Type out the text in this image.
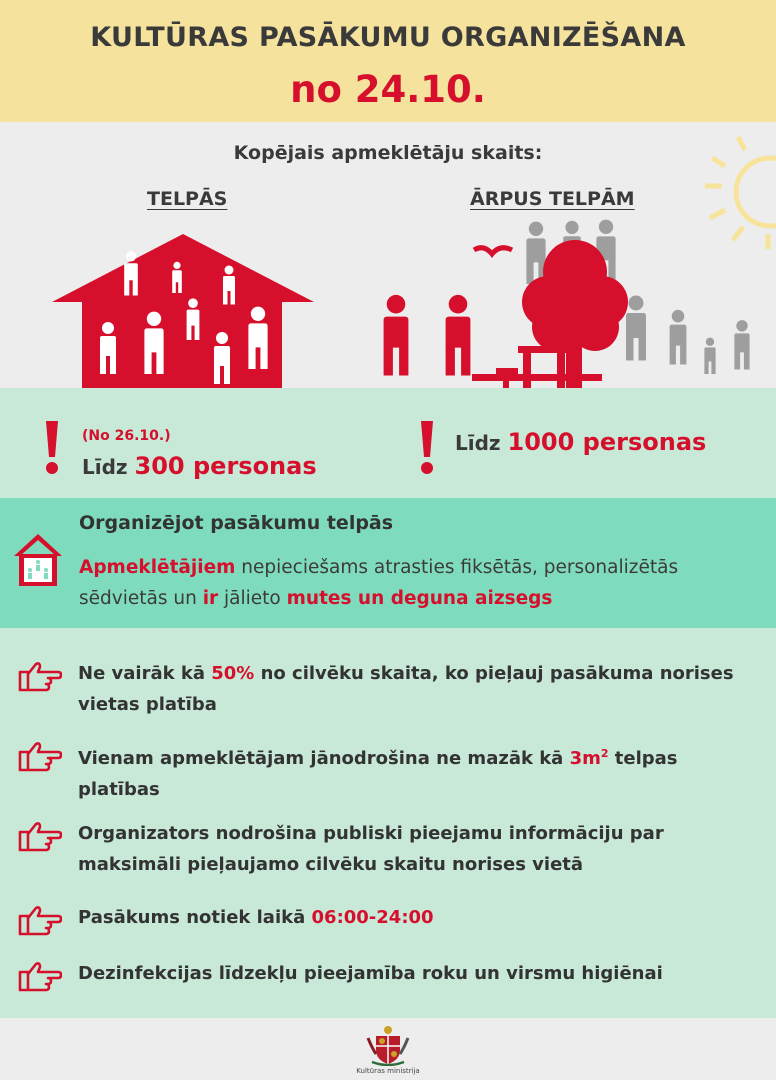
KULTŪRAS PASĀKUMU ORGANIZĒŠANA
no 24.10.
Kopējais apmeklētāju skaits:
TELPĀS	ĀRPUS TELPĀM
(No 26.10.)
Līdz 300 personas
Līdz 1000 personas
Organizējot pasākumu telpās
Apmeklētājiem nepieciešams atrasties fiksētās, personalizētās sēdvietās un ir jālieto mutes un deguna aizsegs
Ne vairāk kā 50% no cilvēku skaita, ko pieļauj pasākuma norises vietas platība
Vienam apmeklētājam jānodrošina ne mazāk kā $3m^2$ telpas platības
Organizators nodrošina publiski pieejamu informāciju par maksimāli pieļaujamo cilvēku skaitu norises vietā
Pasākums notiek laikā 06:00-24:00
Dezinfekcijas līdzekļu pieejamība roku un virsmu higiēnai
Kultūras ministrija
